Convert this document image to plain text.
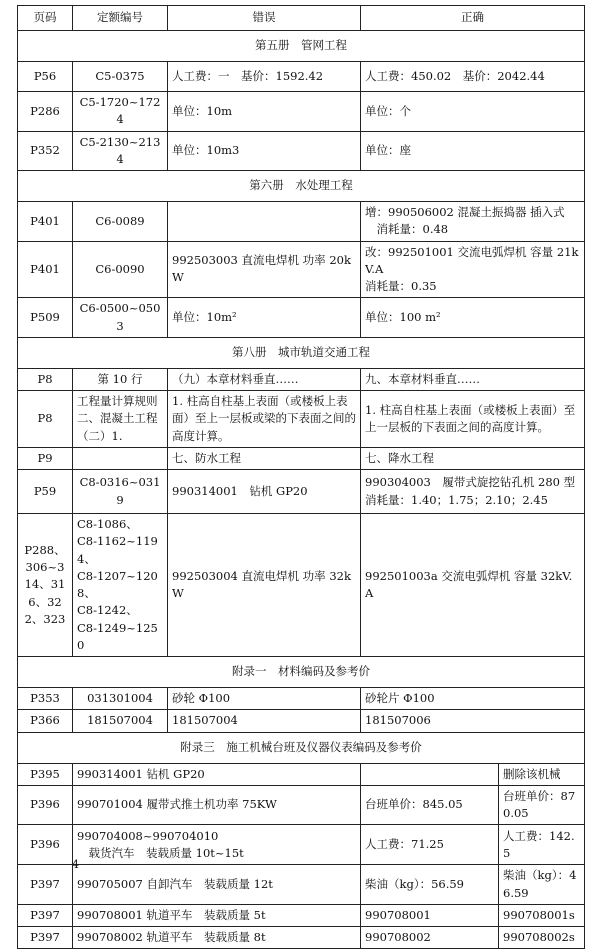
页码	定额编号	错误	正确	
第五册　管网工程				
P56	C5-0375	人工费：一　基价：1592.42	人工费：450.02　基价：2042.44	
P286	C5-1720~1724	单位：10m	单位：个	
P352	C5-2130~2134	单位：10m3	单位：座	
第六册　水处理工程				
P401	C6-0089		增：990506002 混凝土振捣器 插入式
　消耗量：0.48	
P401	C6-0090	992503003 直流电焊机 功率 20kW	改：992501001 交流电弧焊机 容量 21kV.A
消耗量：0.35	
P509	C6-0500~0503	单位：10m²	单位：100 m²	
第八册　城市轨道交通工程				
P8	第 10 行	（九）本章材料垂直……	九、本章材料垂直……	
P8	工程量计算规则二、混凝土工程（二）1.	1. 柱高自柱基上表面（或楼板上表面）至上一层板或梁的下表面之间的高度计算。	1. 柱高自柱基上表面（或楼板上表面）至上一层板的下表面之间的高度计算。	
P9		七、防水工程	七、降水工程	
P59	C8-0316~0319	990314001　钻机 GP20	990304003　履带式旋挖钻孔机 280 型
消耗量：1.40；1.75；2.10；2.45	
P288、306~314、316、322、323	C8-1086、
C8-1162~1194、
C8-1207~1208、
C8-1242、
C8-1249~1250	992503004 直流电焊机 功率 32kW	992501003a 交流电弧焊机 容量 32kV.A	
附录一　材料编码及参考价				
P353	031301004	砂轮 Φ100	砂轮片 Φ100	
P366	181507004	181507004	181507006	
附录三　施工机械台班及仪器仪表编码及参考价				
P395	990314001 钻机 GP20			删除该机械
P396	990701004 履带式推土机功率 75KW		台班单价：845.05	台班单价：870.05
P396	990704008~990704010
　载货汽车　装载质量 10t~15t		人工费：71.25	人工费：142.5
P397	990705007 自卸汽车　装载质量 12t		柴油（kg）：56.59	柴油（kg）：46.59
P397	990708001 轨道平车　装载质量 5t		990708001	990708001s
P397	990708002 轨道平车　装载质量 8t		990708002	990708002s
4
